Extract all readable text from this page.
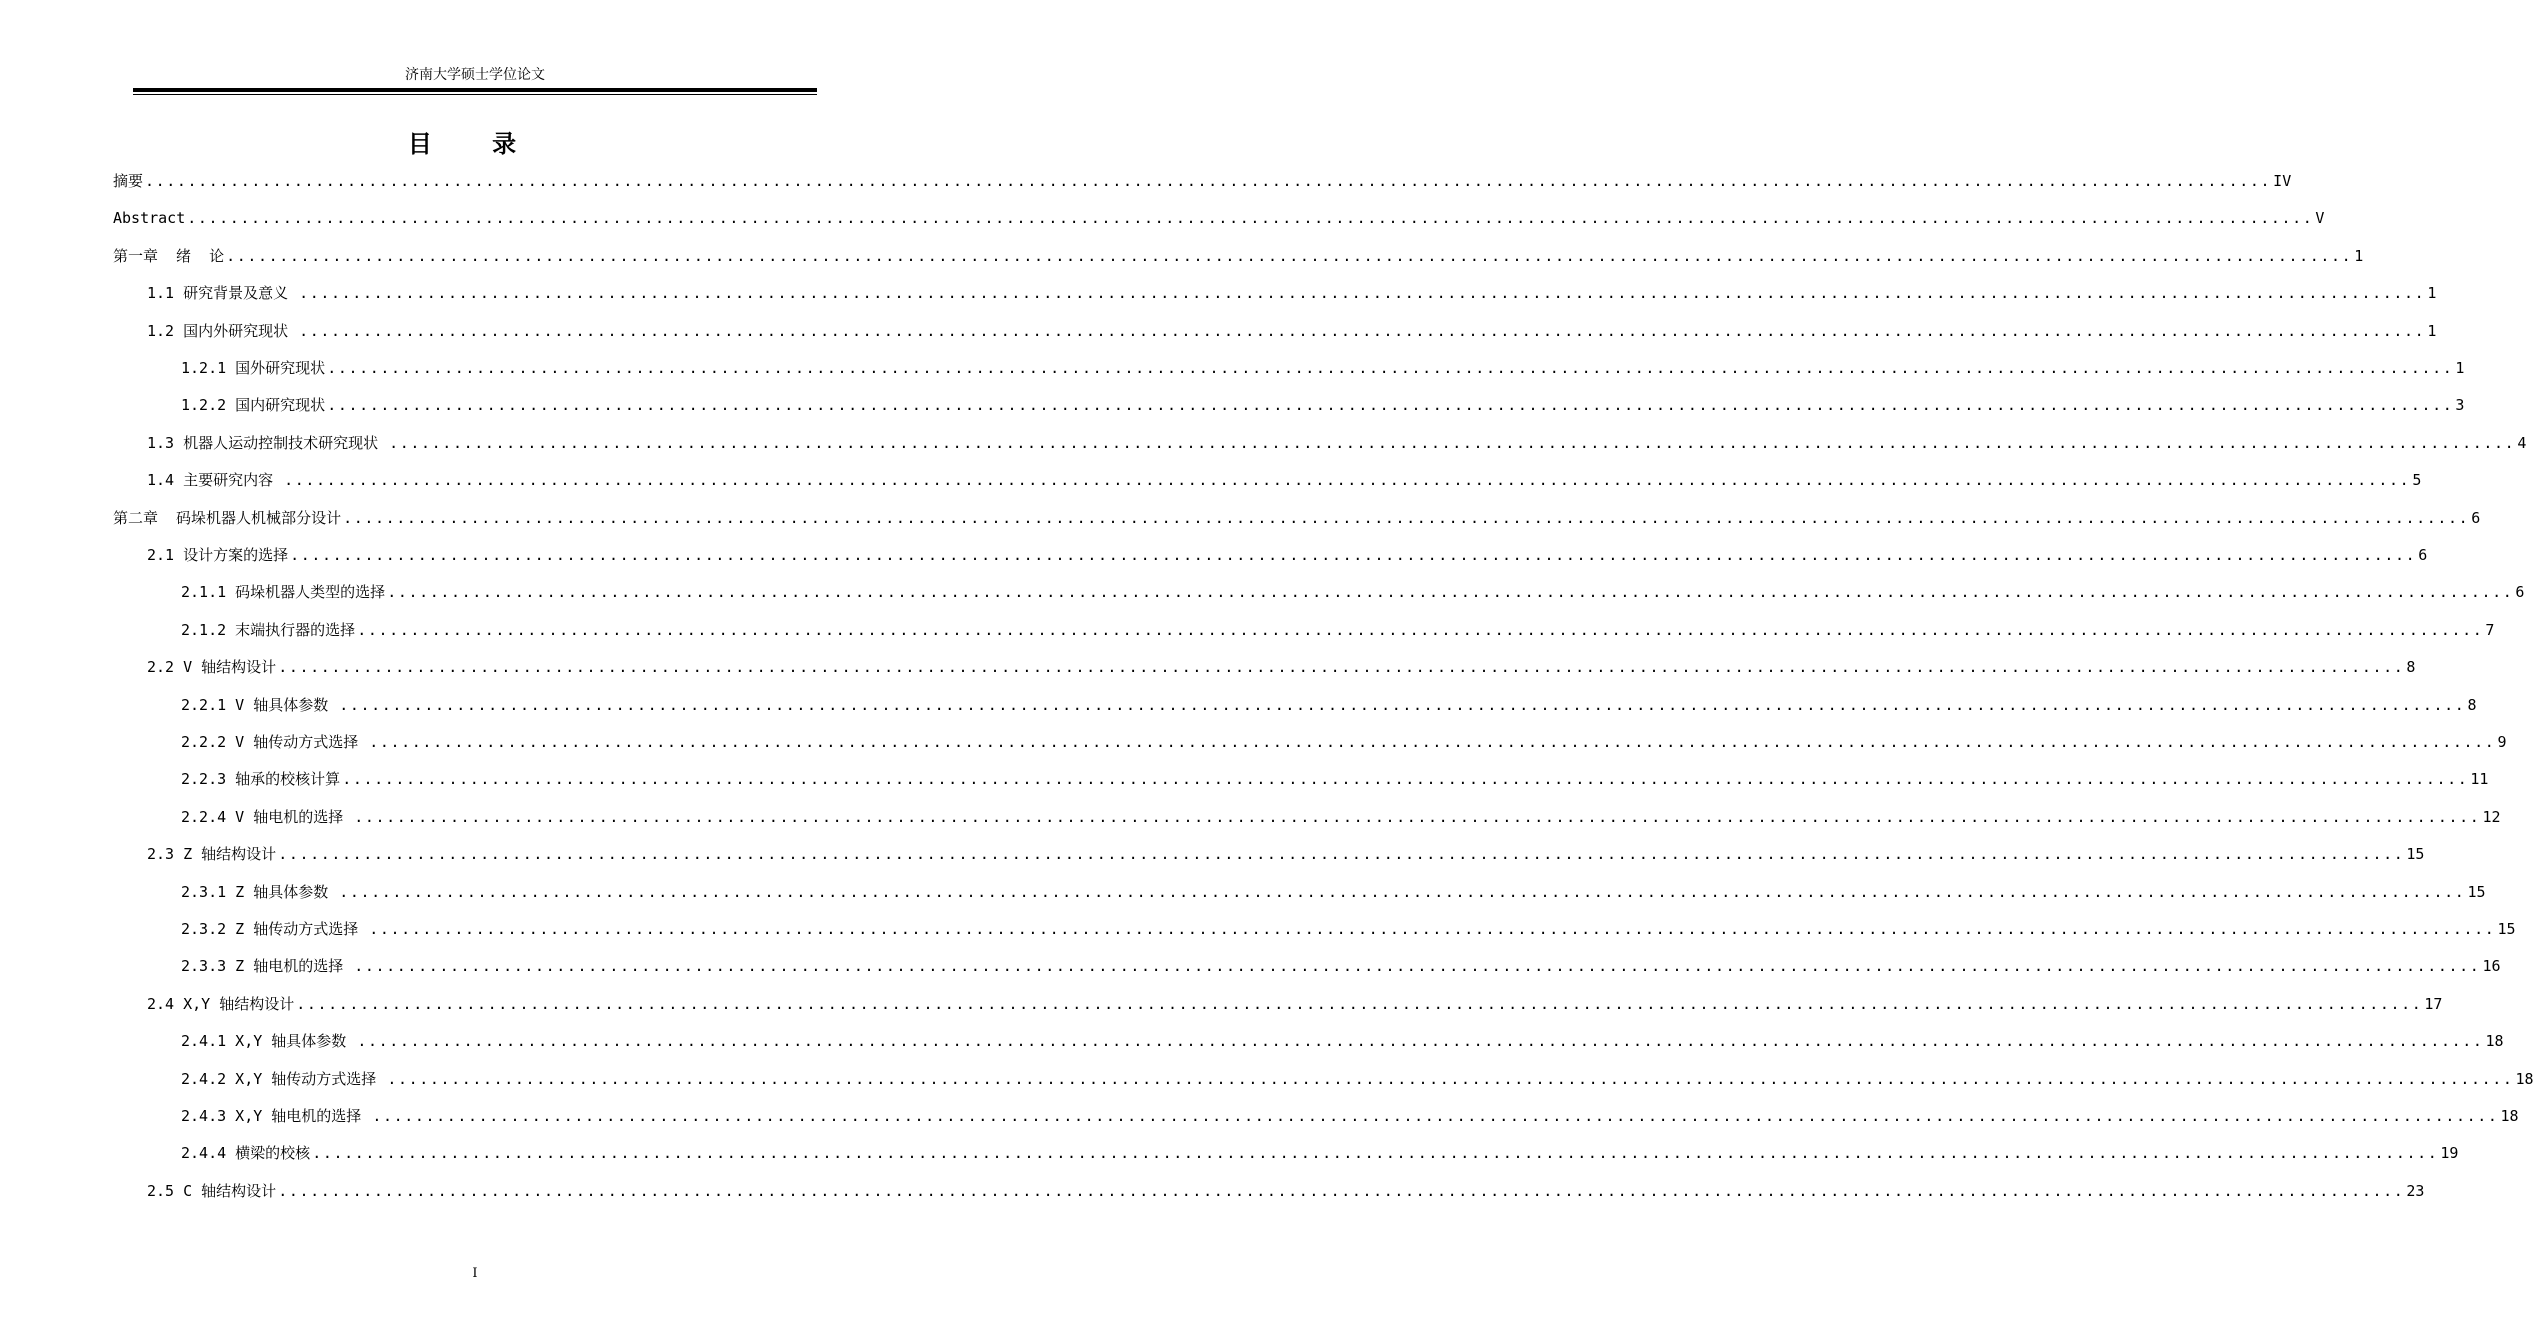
济南大学硕士学位论文
目 录
摘要 ........................................................................................................................................................................................................ IV
Abstract ........................................................................................................................................................................................................ V
第一章  绪  论 ........................................................................................................................................................................................................ 1
1.1 研究背景及意义 ........................................................................................................................................................................................................ 1
1.2 国内外研究现状 ........................................................................................................................................................................................................ 1
1.2.1 国外研究现状 ........................................................................................................................................................................................................ 1
1.2.2 国内研究现状 ........................................................................................................................................................................................................ 3
1.3 机器人运动控制技术研究现状 ........................................................................................................................................................................................................ 4
1.4 主要研究内容 ........................................................................................................................................................................................................ 5
第二章  码垛机器人机械部分设计 ........................................................................................................................................................................................................ 6
2.1 设计方案的选择 ........................................................................................................................................................................................................ 6
2.1.1 码垛机器人类型的选择 ........................................................................................................................................................................................................ 6
2.1.2 末端执行器的选择 ........................................................................................................................................................................................................ 7
2.2 V 轴结构设计 ........................................................................................................................................................................................................ 8
2.2.1 V 轴具体参数 ........................................................................................................................................................................................................ 8
2.2.2 V 轴传动方式选择 ........................................................................................................................................................................................................ 9
2.2.3 轴承的校核计算 ........................................................................................................................................................................................................ 11
2.2.4 V 轴电机的选择 ........................................................................................................................................................................................................ 12
2.3 Z 轴结构设计 ........................................................................................................................................................................................................ 15
2.3.1 Z 轴具体参数 ........................................................................................................................................................................................................ 15
2.3.2 Z 轴传动方式选择 ........................................................................................................................................................................................................ 15
2.3.3 Z 轴电机的选择 ........................................................................................................................................................................................................ 16
2.4 X,Y 轴结构设计 ........................................................................................................................................................................................................ 17
2.4.1 X,Y 轴具体参数 ........................................................................................................................................................................................................ 18
2.4.2 X,Y 轴传动方式选择 ........................................................................................................................................................................................................ 18
2.4.3 X,Y 轴电机的选择 ........................................................................................................................................................................................................ 18
2.4.4 横梁的校核 ........................................................................................................................................................................................................ 19
2.5 C 轴结构设计 ........................................................................................................................................................................................................ 23
I
